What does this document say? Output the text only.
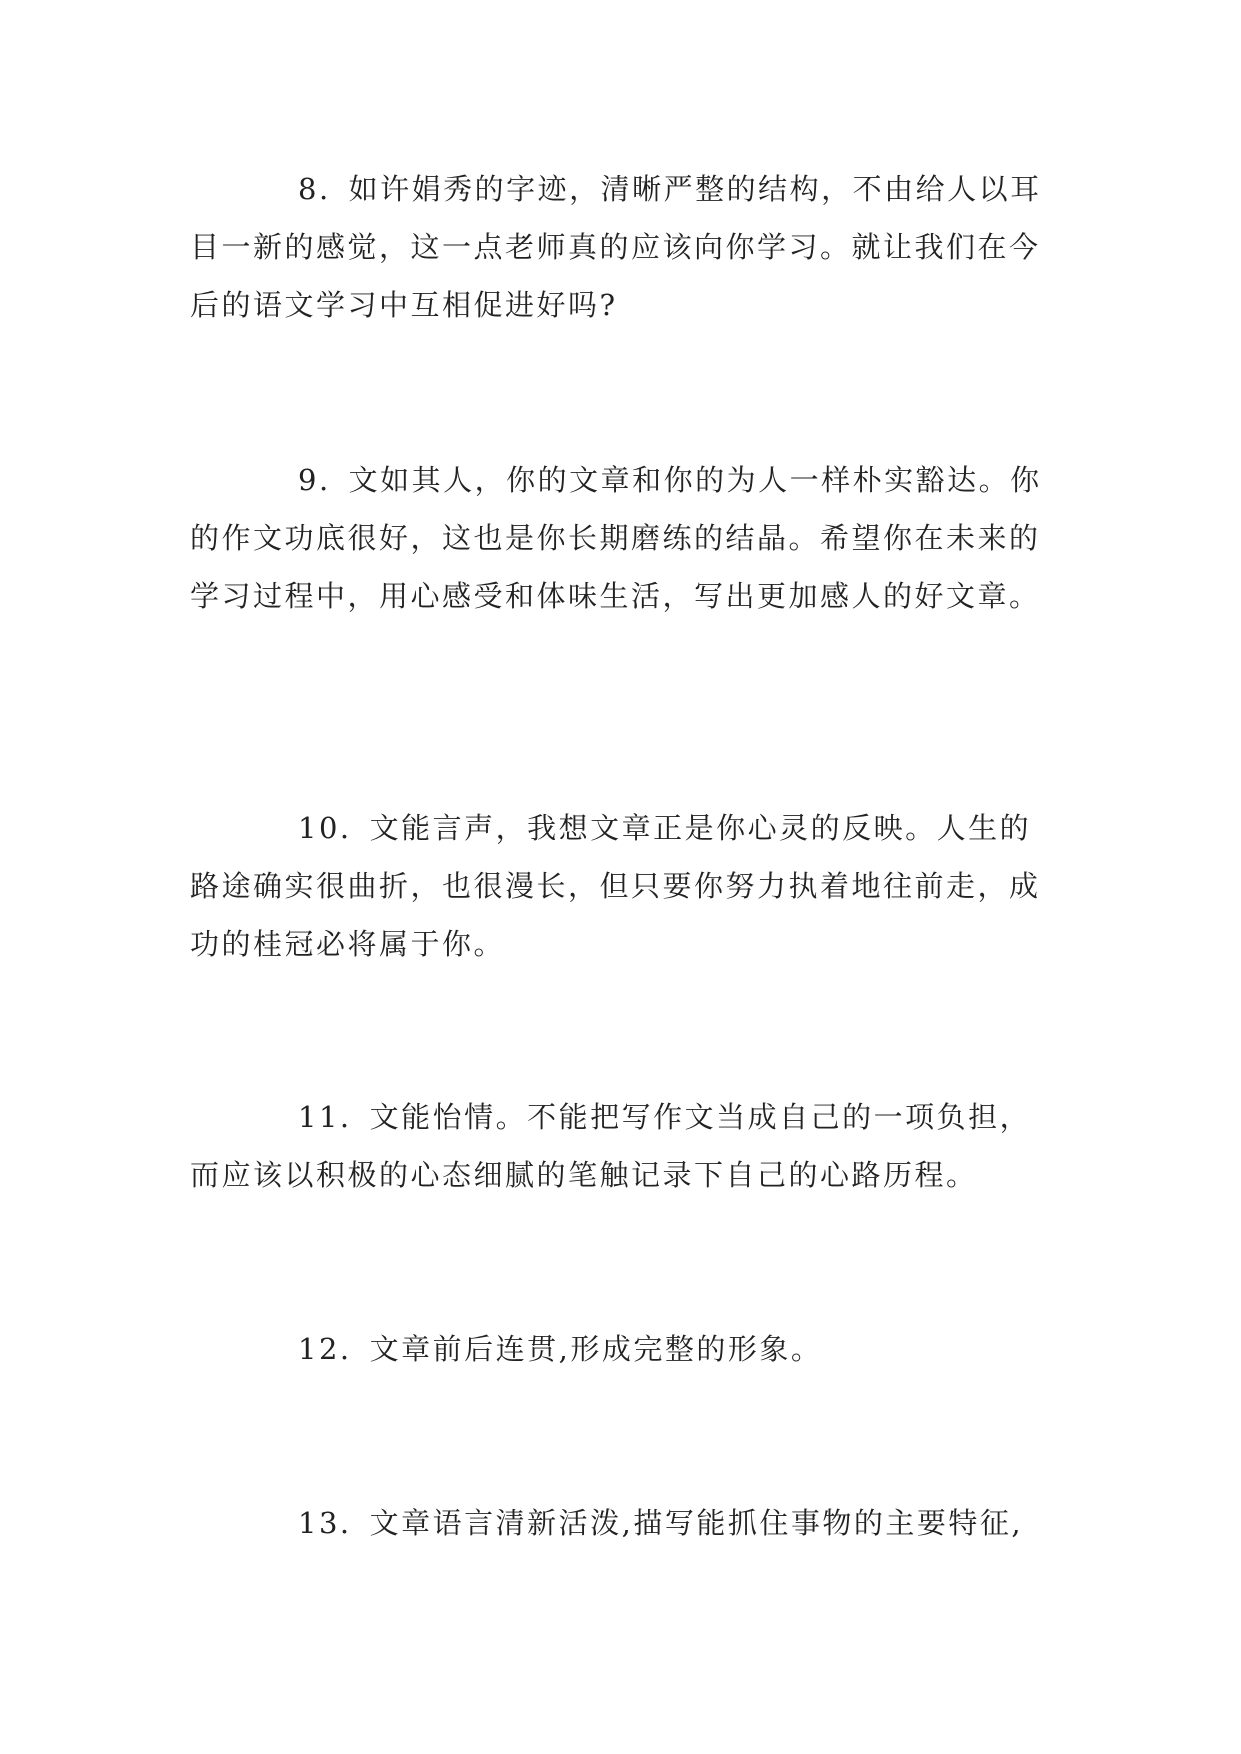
8. 如许娟秀的字迹，清晰严整的结构，不由给人以耳目一新的感觉，这一点老师真的应该向你学习。就让我们在今后的语文学习中互相促进好吗?

9. 文如其人，你的文章和你的为人一样朴实豁达。你的作文功底很好，这也是你长期磨练的结晶。希望你在未来的学习过程中，用心感受和体味生活，写出更加感人的好文章。

10. 文能言声，我想文章正是你心灵的反映。人生的路途确实很曲折，也很漫长，但只要你努力执着地往前走，成功的桂冠必将属于你。

11. 文能怡情。不能把写作文当成自己的一项负担，而应该以积极的心态细腻的笔触记录下自己的心路历程。

12. 文章前后连贯,形成完整的形象。

13. 文章语言清新活泼,描写能抓住事物的主要特征,
